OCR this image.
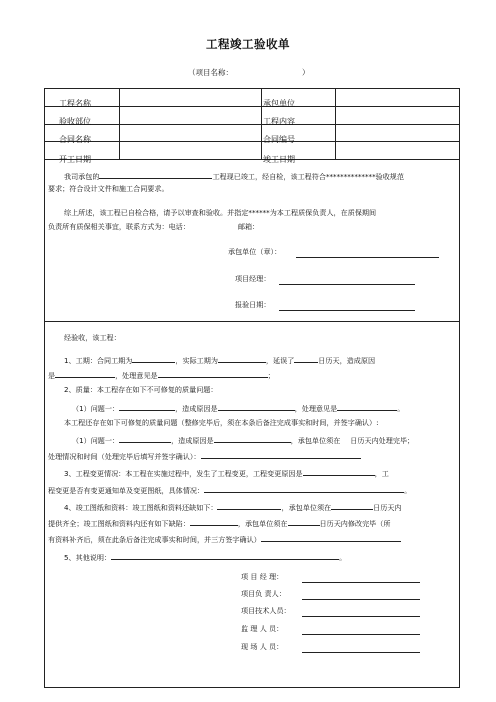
工程竣工验收单
（项目名称：	）
工程名称	承包单位
验收部位	工程内容
合同名称	合同编号
开工日期	竣工日期
我司承包的	工程现已竣工，经自检，该工程符合**************验收规范
要求；符合设计文件和施工合同要求。
综上所述，该工程已自检合格，请予以审查和验收。并指定******为本工程质保负责人，在质保期间
负责所有质保相关事宜，联系方式为：电话：	邮箱：
承包单位（章）：
项目经理：
报验日期：
经验收，该工程：
1、工期：合同工期为	，实际工期为	，延误了	日历天，造成原因
是	，处理意见是	；
2、质量：本工程存在如下不可修复的质量问题：
（1）问题一：	，造成原因是	，处理意见是	。
本工程还存在如下可修复的质量问题（整修完毕后，须在本条后备注完成事实和时间，并签字确认）:
（1）问题一：	，造成原因是	，承包单位须在 日历天内处理完毕；
处理情况和时间（处理完毕后填写并签字确认）：
3、工程变更情况：本工程在实施过程中，发生了工程变更，工程变更原因是	，工
程变更是否有变更通知单及变更图纸，具体情况：	。
4、竣工图纸和资料：竣工图纸和资料还缺如下：	，承包单位须在	日历天内
提供齐全；竣工图纸和资料内还有如下缺陷：	，承包单位须在	日历天内修改完毕（所
有资料补齐后，须在此条后备注完成事实和时间，并三方签字确认）
5、其他说明：	。
项 目 经 理：
项目负 责人：
项目技术人员：
监 理 人 员：
现 场 人 员：
